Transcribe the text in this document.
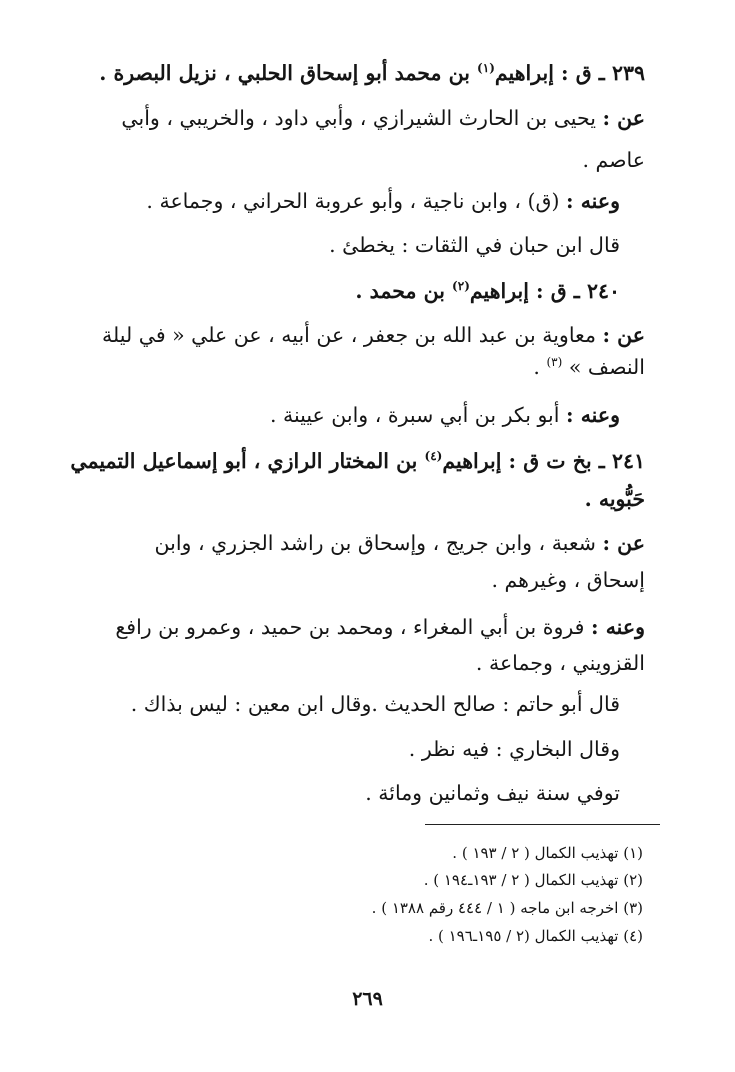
٢٣٩ ـ ق : إبراهيم$^{(١)}$ بن محمد أبو إسحاق الحلبي ، نزيل البصرة .
عن : يحيى بن الحارث الشيرازي ، وأبي داود ، والخريبي ، وأبي
عاصم .
وعنه : (ق) ، وابن ناجية ، وأبو عروبة الحراني ، وجماعة .
قال ابن حبان في الثقات : يخطئ .
٢٤٠ ـ ق : إبراهيم$^{(٢)}$ بن محمد .
عن : معاوية بن عبد الله بن جعفر ، عن أبيه ، عن علي « في ليلة
النصف » $^{(٣)}$ .
وعنه : أبو بكر بن أبي سبرة ، وابن عيينة .
٢٤١ ـ بخ ت ق : إبراهيم$^{(٤)}$ بن المختار الرازي ، أبو إسماعيل التميمي
حَبُّويه .
عن : شعبة ، وابن جريج ، وإسحاق بن راشد الجزري ، وابن
إسحاق ، وغيرهم .
وعنه : فروة بن أبي المغراء ، ومحمد بن حميد ، وعمرو بن رافع
القزويني ، وجماعة .
قال أبو حاتم : صالح الحديث .وقال ابن معين : ليس بذاك .
وقال البخاري : فيه نظر .
توفي سنة نيف وثمانين ومائة .
(١) تهذيب الكمال ( ٢ / ١٩٣ ) .
(٢) تهذيب الكمال ( ٢ / ١٩٣ـ١٩٤ ) .
(٣) اخرجه ابن ماجه ( ١ / ٤٤٤ رقم ١٣٨٨ ) .
(٤) تهذيب الكمال (٢ / ١٩٥ـ١٩٦ ) .
٢٦٩
